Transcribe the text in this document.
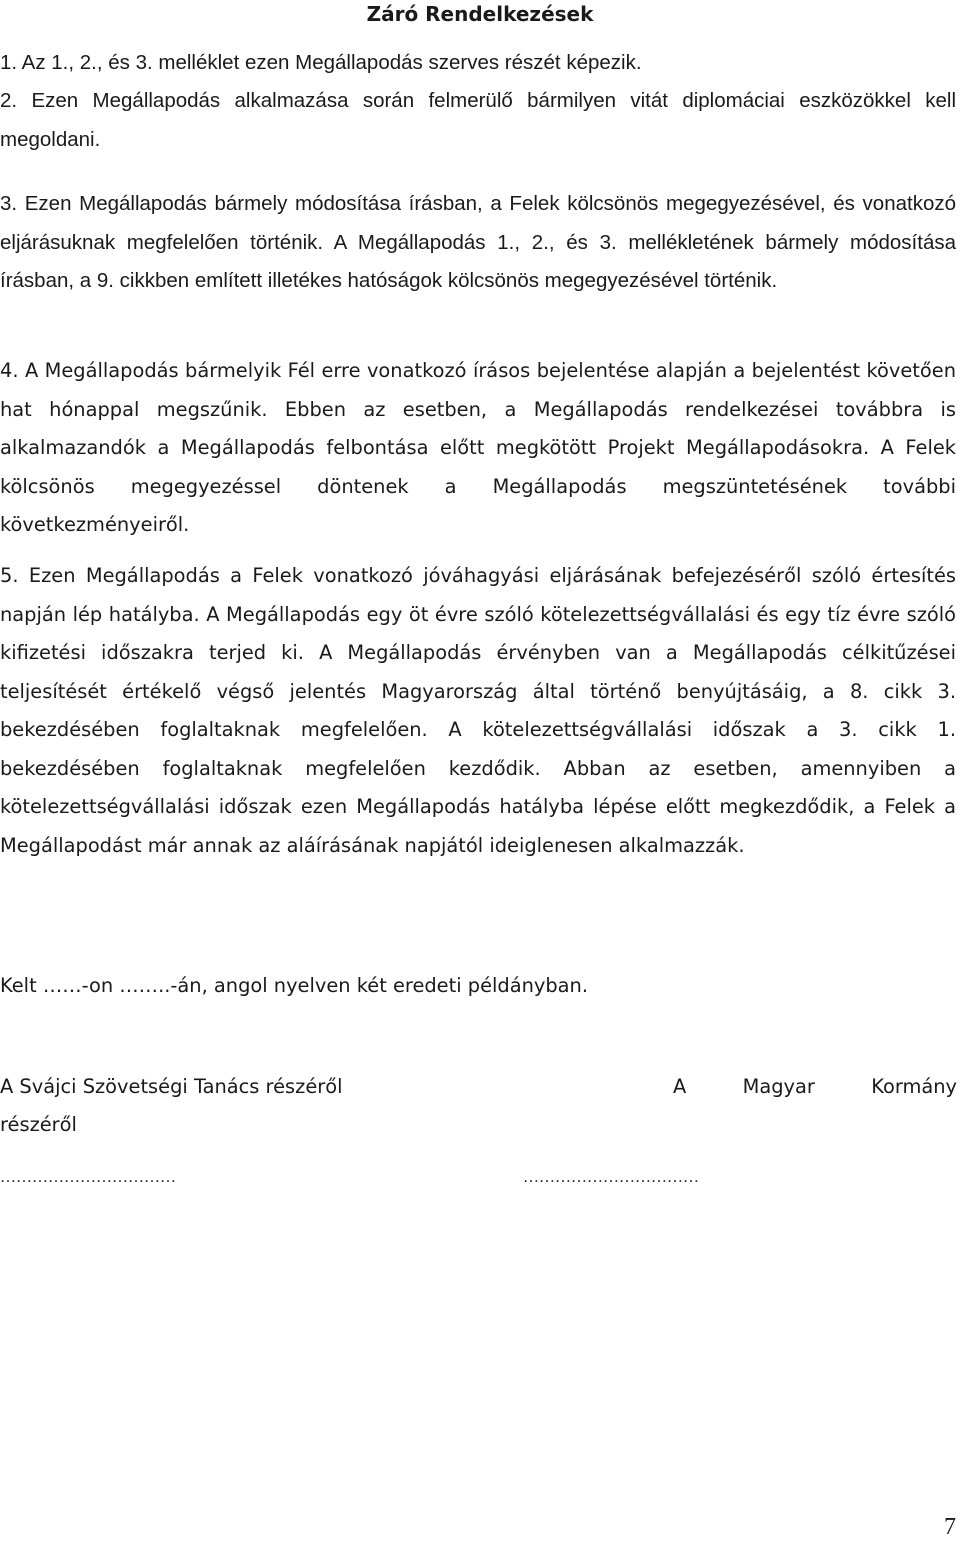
Záró Rendelkezések

1. Az 1., 2., és 3. melléklet ezen Megállapodás szerves részét képezik.

2. Ezen Megállapodás alkalmazása során felmerülő bármilyen vitát diplomáciai eszközökkel kell megoldani.

3. Ezen Megállapodás bármely módosítása írásban, a Felek kölcsönös megegyezésével, és vonatkozó eljárásuknak megfelelően történik. A Megállapodás 1., 2., és 3. mellékletének bármely módosítása írásban, a 9. cikkben említett illetékes hatóságok kölcsönös megegyezésével történik.

4. A Megállapodás bármelyik Fél erre vonatkozó írásos bejelentése alapján a bejelentést követően hat hónappal megszűnik. Ebben az esetben, a Megállapodás rendelkezései továbbra is alkalmazandók a Megállapodás felbontása előtt megkötött Projekt Megállapodásokra. A Felek kölcsönös megegyezéssel döntenek a Megállapodás megszüntetésének további következményeiről.

5. Ezen Megállapodás a Felek vonatkozó jóváhagyási eljárásának befejezéséről szóló értesítés napján lép hatályba. A Megállapodás egy öt évre szóló kötelezettségvállalási és egy tíz évre szóló kifizetési időszakra terjed ki. A Megállapodás érvényben van a Megállapodás célkitűzései teljesítését értékelő végső jelentés Magyarország által történő benyújtásáig, a 8. cikk 3. bekezdésében foglaltaknak megfelelően. A kötelezettségvállalási időszak a 3. cikk 1. bekezdésében foglaltaknak megfelelően kezdődik. Abban az esetben, amennyiben a kötelezettségvállalási időszak ezen Megállapodás hatályba lépése előtt megkezdődik, a Felek a Megállapodást már annak az aláírásának napjától ideiglenesen alkalmazzák.

Kelt ……-on ……..-án, angol nyelven két eredeti példányban.

A Svájci Szövetségi Tanács részéről	A	Magyar	Kormány
részéről
……………………………	……………………………
7
